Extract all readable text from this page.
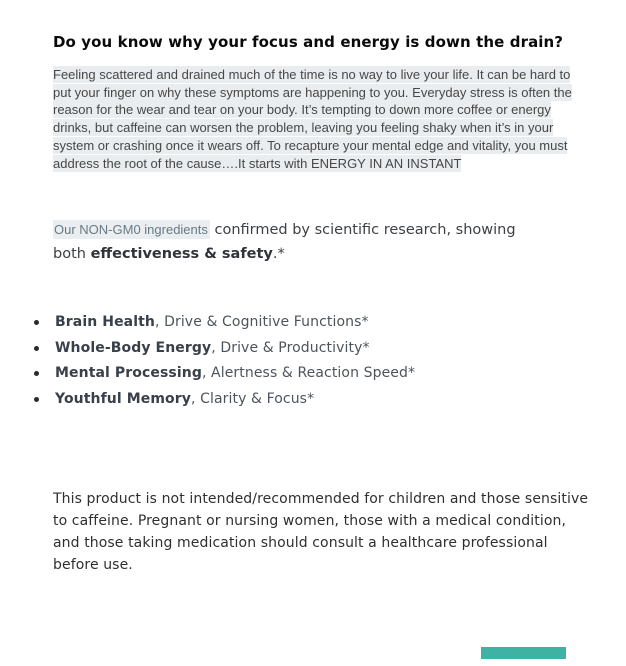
Do you know why your focus and energy is down the drain?

Feeling scattered and drained much of the time is no way to live your life. It can be hard to put your finger on why these symptoms are happening to you. Everyday stress is often the reason for the wear and tear on your body. It’s tempting to down more coffee or energy drinks, but caffeine can worsen the problem, leaving you feeling shaky when it’s in your system or crashing once it wears off. To recapture your mental edge and vitality, you must address the root of the cause….It starts with ENERGY IN AN INSTANT

Our NON-GM0 ingredients confirmed by scientific research, showing both effectiveness & safety.*

Brain Health, Drive & Cognitive Functions*
Whole-Body Energy, Drive & Productivity*
Mental Processing, Alertness & Reaction Speed*
Youthful Memory, Clarity & Focus*

This product is not intended/recommended for children and those sensitive to caffeine. Pregnant or nursing women, those with a medical condition, and those taking medication should consult a healthcare professional before use.
